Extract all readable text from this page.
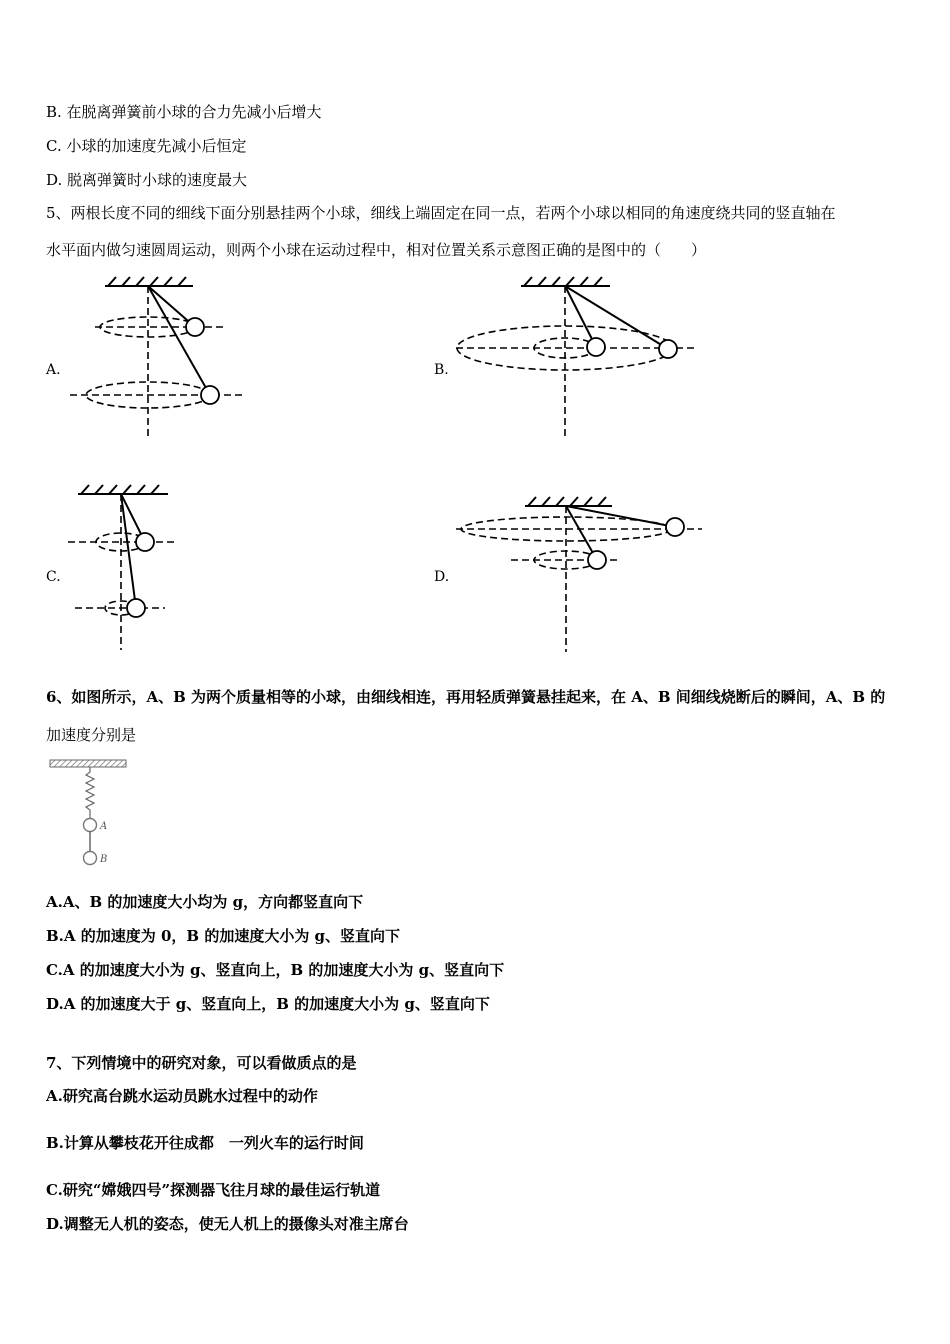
B. 在脱离弹簧前小球的合力先减小后增大
C. 小球的加速度先减小后恒定
D. 脱离弹簧时小球的速度最大
5、两根长度不同的细线下面分别悬挂两个小球，细线上端固定在同一点，若两个小球以相同的角速度绕共同的竖直轴在
水平面内做匀速圆周运动，则两个小球在运动过程中，相对位置关系示意图正确的是图中的（　　）
A.	B.
C.	D.
6、如图所示，A、B 为两个质量相等的小球，由细线相连，再用轻质弹簧悬挂起来，在 A、B 间细线烧断后的瞬间，A、B 的
加速度分别是
A
B
A.A、B 的加速度大小均为 g，方向都竖直向下
B.A 的加速度为 0，B 的加速度大小为 g、竖直向下
C.A 的加速度大小为 g、竖直向上，B 的加速度大小为 g、竖直向下
D.A 的加速度大于 g、竖直向上，B 的加速度大小为 g、竖直向下
7、下列情境中的研究对象，可以看做质点的是
A.研究高台跳水运动员跳水过程中的动作
B.计算从攀枝花开往成都　一列火车的运行时间
C.研究“嫦娥四号”探测器飞往月球的最佳运行轨道
D.调整无人机的姿态，使无人机上的摄像头对准主席台
